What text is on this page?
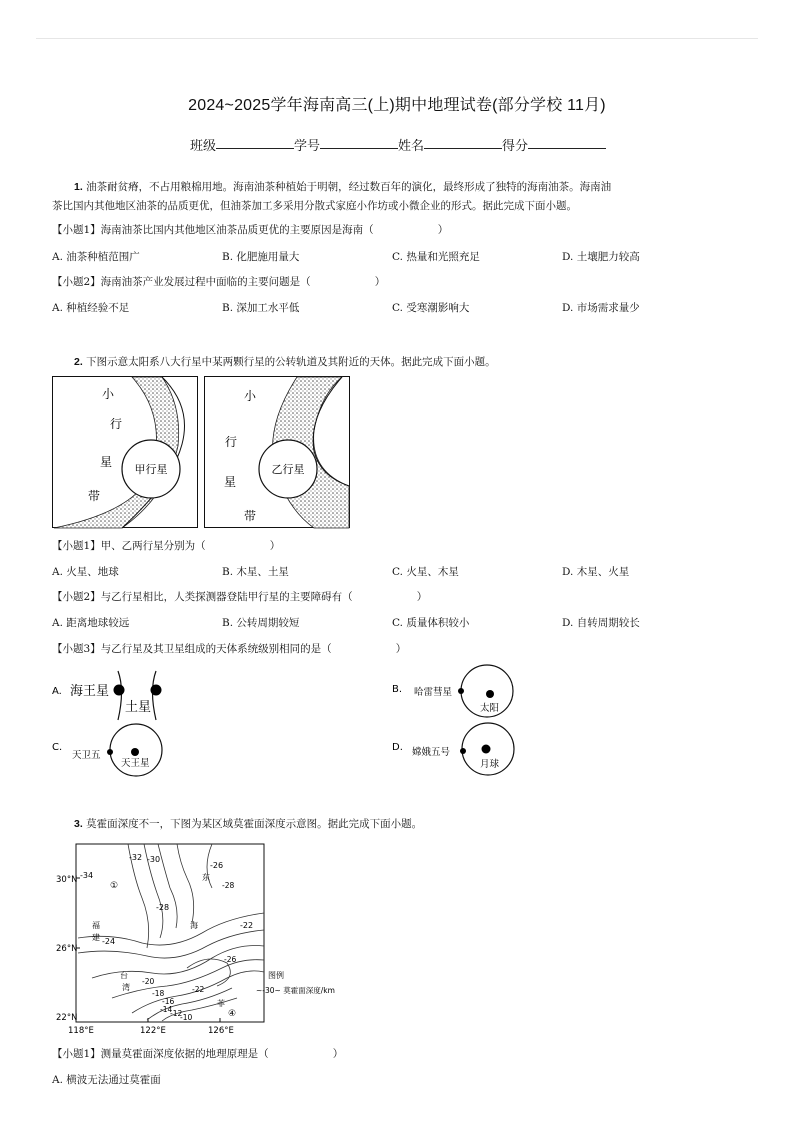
2024~2025学年海南高三(上)期中地理试卷(部分学校 11月)
班级	学号	姓名	得分
1. 油茶耐贫瘠，不占用粮棉用地。海南油茶种植始于明朝，经过数百年的演化，最终形成了独特的海南油茶。海南油
茶比国内其他地区油茶的品质更优，但油茶加工多采用分散式家庭小作坊或小微企业的形式。据此完成下面小题。
【小题1】海南油茶比国内其他地区油茶品质更优的主要原因是海南（	）
A. 油茶种植范围广	B. 化肥施用量大	C. 热量和光照充足	D. 土壤肥力较高
【小题2】海南油茶产业发展过程中面临的主要问题是（	）
A. 种植经验不足	B. 深加工水平低	C. 受寒潮影响大	D. 市场需求量少
2. 下图示意太阳系八大行星中某两颗行星的公转轨道及其附近的天体。据此完成下面小题。
甲行星
小
行
星
带
乙行星
小
行
星
带
【小题1】甲、乙两行星分别为（	）
A. 火星、地球	B. 木星、土星	C. 火星、木星	D. 木星、火星
【小题2】与乙行星相比，人类探测器登陆甲行星的主要障碍有（	）
A. 距离地球较远	B. 公转周期较短	C. 质量体积较小	D. 自转周期较长
【小题3】与乙行星及其卫星组成的天体系统级别相同的是（	）
A. 海王星
土星
B. 哈雷彗星
太阳
C.
天卫五
天王星
D. 嫦娥五号
月球
3. 莫霍面深度不一，下图为某区域莫霍面深度示意图。据此完成下面小题。
30°N
26°N
22°N
118°E	122°E	126°E
-34
-32 -30
-28
-26
-24
-22
-20
-18
-16
-14
-12
-10
-26
-22
-28
①
④
福
建
台
湾
海
东
菲
图例
~-30~ 莫霍面深度/km
【小题1】测量莫霍面深度依据的地理原理是（	）
A. 横波无法通过莫霍面
